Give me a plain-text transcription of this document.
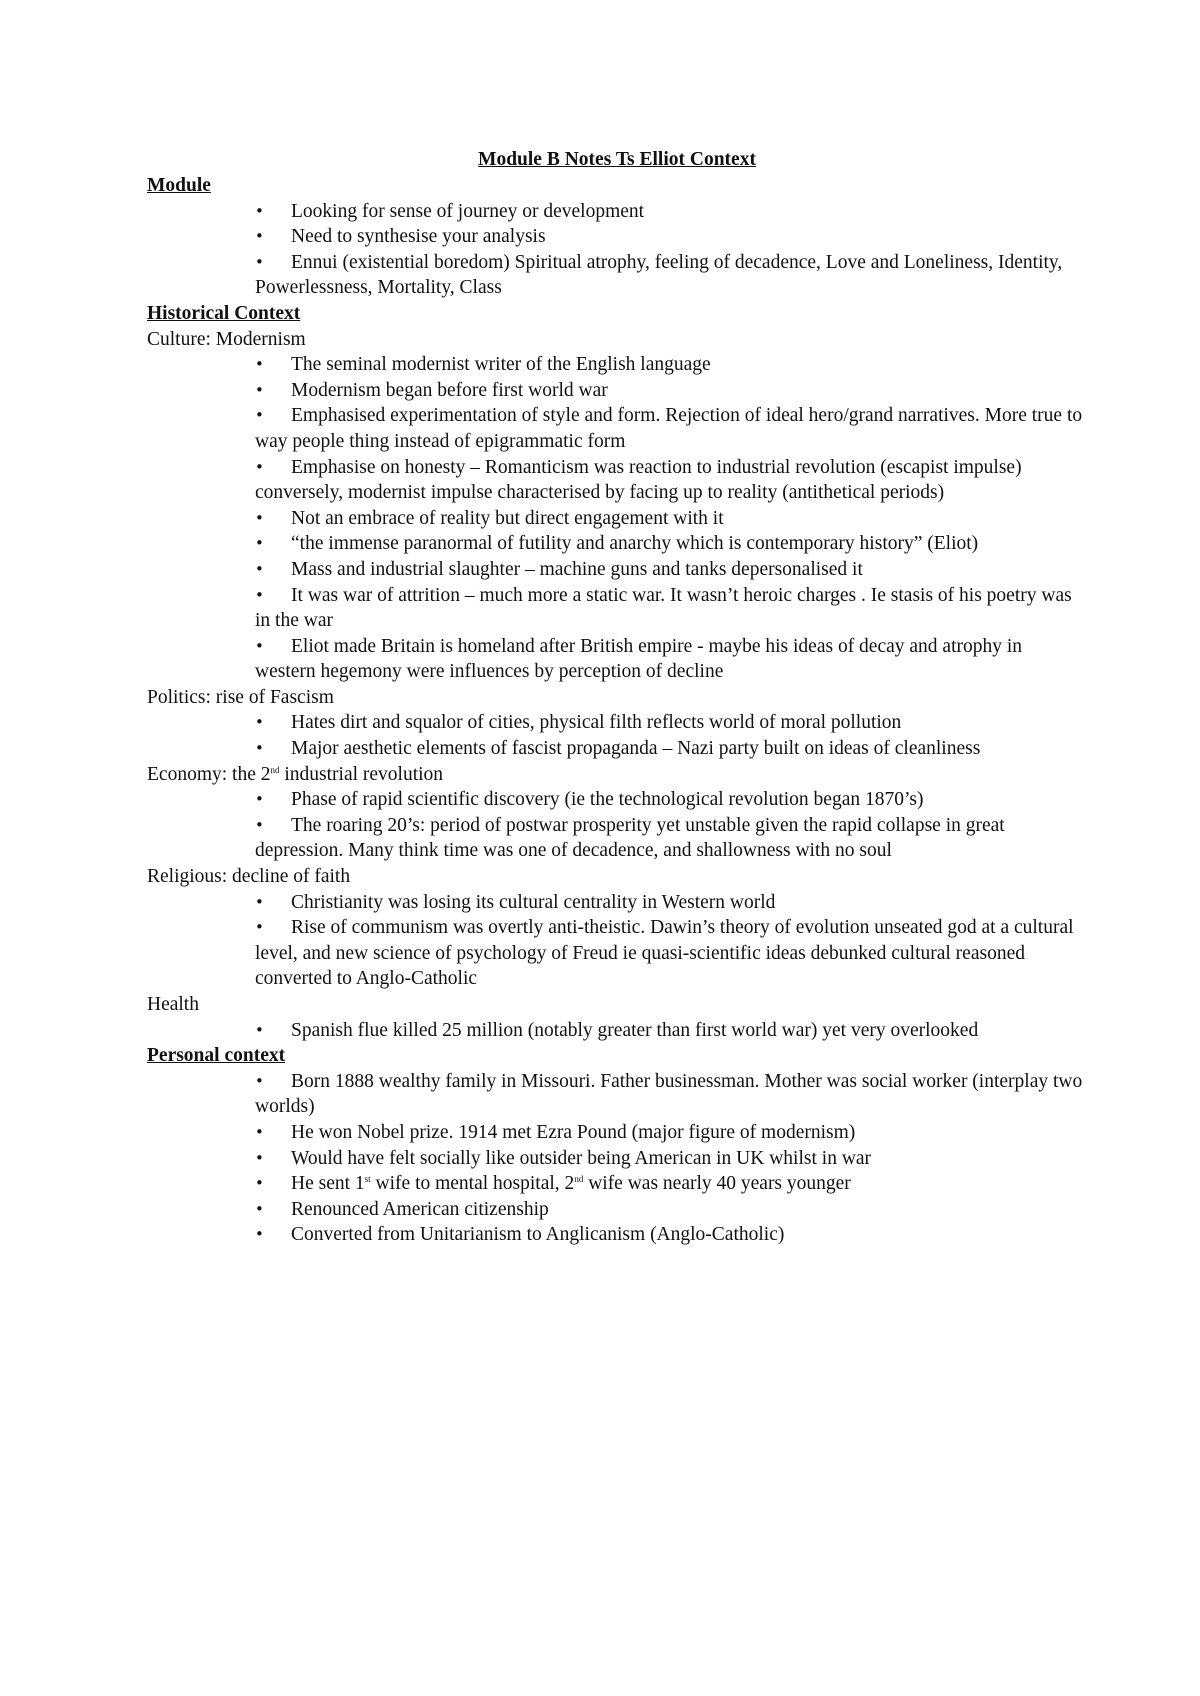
Module B Notes Ts Elliot Context

Module

•	Looking for sense of journey or development
•	Need to synthesise your analysis
•	Ennui (existential boredom) Spiritual atrophy, feeling of decadence, Love and Loneliness, Identity, Powerlessness, Mortality, Class

Historical Context

Culture: Modernism

•	The seminal modernist writer of the English language
•	Modernism began before first world war
•	Emphasised experimentation of style and form. Rejection of ideal hero/grand narratives. More true to way people thing instead of epigrammatic form
•	Emphasise on honesty – Romanticism was reaction to industrial revolution (escapist impulse) conversely, modernist impulse characterised by facing up to reality (antithetical periods)
•	Not an embrace of reality but direct engagement with it
•	“the immense paranormal of futility and anarchy which is contemporary history” (Eliot)
•	Mass and industrial slaughter – machine guns and tanks depersonalised it
•	It was war of attrition – much more a static war. It wasn’t heroic charges . Ie stasis of his poetry was in the war
•	Eliot made Britain is homeland after British empire - maybe his ideas of decay and atrophy in western hegemony were influences by perception of decline

Politics: rise of Fascism

•	Hates dirt and squalor of cities, physical filth reflects world of moral pollution
•	Major aesthetic elements of fascist propaganda – Nazi party built on ideas of cleanliness

Economy: the 2nd industrial revolution

•	Phase of rapid scientific discovery (ie the technological revolution began 1870’s)
•	The roaring 20’s: period of postwar prosperity yet unstable given the rapid collapse in great depression. Many think time was one of decadence, and shallowness with no soul

Religious: decline of faith

•	Christianity was losing its cultural centrality in Western world
•	Rise of communism was overtly anti-theistic. Dawin’s theory of evolution unseated god at a cultural level, and new science of psychology of Freud ie quasi-scientific ideas debunked cultural reasoned converted to Anglo-Catholic

Health

•	Spanish flue killed 25 million (notably greater than first world war) yet very overlooked

Personal context

•	Born 1888 wealthy family in Missouri. Father businessman. Mother was social worker (interplay two worlds)
•	He won Nobel prize. 1914 met Ezra Pound (major figure of modernism)
•	Would have felt socially like outsider being American in UK whilst in war
•	He sent 1st wife to mental hospital, 2nd wife was nearly 40 years younger
•	Renounced American citizenship
•	Converted from Unitarianism to Anglicanism (Anglo-Catholic)
